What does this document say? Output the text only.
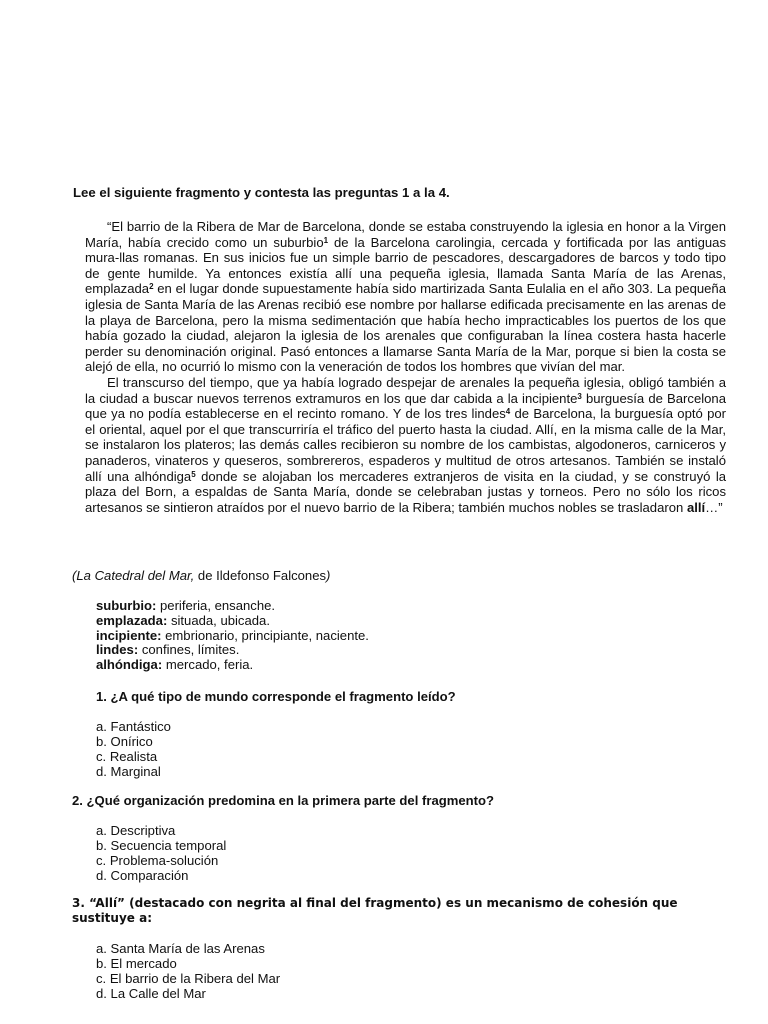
Lee el siguiente fragmento y contesta las preguntas 1 a la 4.

“El barrio de la Ribera de Mar de Barcelona, donde se estaba construyendo la iglesia en honor a la Virgen María, había crecido como un suburbio$^1$ de la Barcelona carolingia, cercada y fortificada por las antiguas mura-llas romanas. En sus inicios fue un simple barrio de pescadores, descargadores de barcos y todo tipo de gente humilde. Ya entonces existía allí una pequeña iglesia, llamada Santa María de las Arenas, emplazada$^2$ en el lugar donde supuestamente había sido martirizada Santa Eulalia en el año 303. La pequeña iglesia de Santa María de las Arenas recibió ese nombre por hallarse edificada precisamente en las arenas de la playa de Barcelona, pero la misma sedimentación que había hecho impracticables los puertos de los que había gozado la ciudad, alejaron la iglesia de los arenales que configuraban la línea costera hasta hacerle perder su denominación original. Pasó entonces a llamarse Santa María de la Mar, porque si bien la costa se alejó de ella, no ocurrió lo mismo con la veneración de todos los hombres que vivían del mar.

El transcurso del tiempo, que ya había logrado despejar de arenales la pequeña iglesia, obligó también a la ciudad a buscar nuevos terrenos extramuros en los que dar cabida a la incipiente$^3$ burguesía de Barcelona que ya no podía establecerse en el recinto romano. Y de los tres lindes$^4$ de Barcelona, la burguesía optó por el oriental, aquel por el que transcurriría el tráfico del puerto hasta la ciudad. Allí, en la misma calle de la Mar, se instalaron los plateros; las demás calles recibieron su nombre de los cambistas, algodoneros, carniceros y panaderos, vinateros y queseros, sombrereros, espaderos y multitud de otros artesanos. También se instaló allí una alhóndiga$^5$ donde se alojaban los mercaderes extranjeros de visita en la ciudad, y se construyó la plaza del Born, a espaldas de Santa María, donde se celebraban justas y torneos. Pero no sólo los ricos artesanos se sintieron atraídos por el nuevo barrio de la Ribera; también muchos nobles se trasladaron allí…”

(La Catedral del Mar, de Ildefonso Falcones)
suburbio: periferia, ensanche.
emplazada: situada, ubicada.
incipiente: embrionario, principiante, naciente.
lindes: confines, límites.
alhóndiga: mercado, feria.
1. ¿A qué tipo de mundo corresponde el fragmento leído?
a. Fantástico
b. Onírico
c. Realista
d. Marginal
2. ¿Qué organización predomina en la primera parte del fragmento?
a. Descriptiva
b. Secuencia temporal
c. Problema-solución
d. Comparación
3. “Allí” (destacado con negrita al final del fragmento) es un mecanismo de cohesión que sustituye a:
a. Santa María de las Arenas
b. El mercado
c. El barrio de la Ribera del Mar
d. La Calle del Mar
